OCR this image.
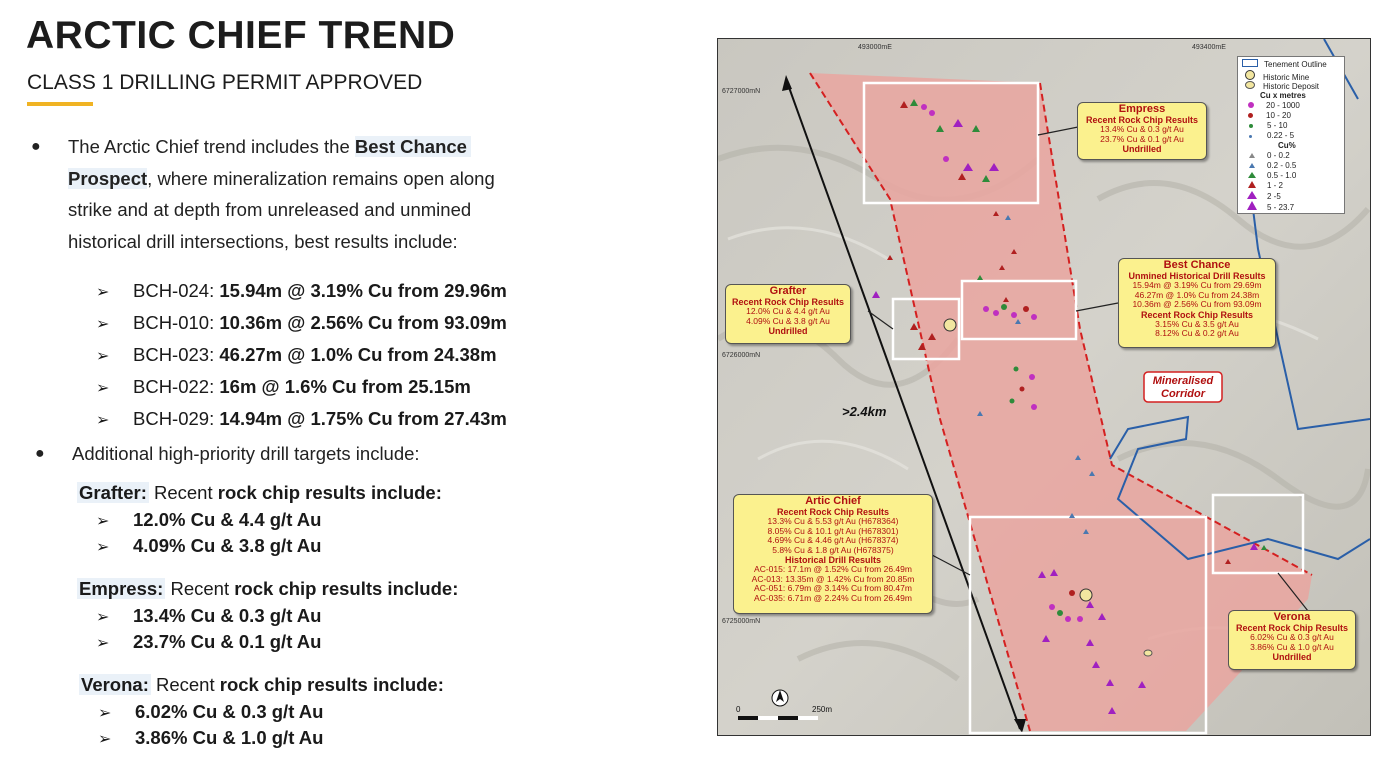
ARCTIC CHIEF TREND
CLASS 1 DRILLING PERMIT APPROVED
● The Arctic Chief trend includes the Best Chance
Prospect, where mineralization remains open along
strike and at depth from unreleased and unmined
historical drill intersections, best results include:
➢ BCH-024: 15.94m @ 3.19% Cu from 29.96m
➢ BCH-010: 10.36m @ 2.56% Cu from 93.09m
➢ BCH-023: 46.27m @ 1.0% Cu from 24.38m
➢ BCH-022: 16m @ 1.6% Cu from 25.15m
➢ BCH-029: 14.94m @ 1.75% Cu from 27.43m
● Additional high-priority drill targets include:
Grafter: Recent rock chip results include:
➢ 12.0% Cu & 4.4 g/t Au
➢ 4.09% Cu & 3.8 g/t Au
Empress: Recent rock chip results include:
➢ 13.4% Cu & 0.3 g/t Au
➢ 23.7% Cu & 0.1 g/t Au
Verona: Recent rock chip results include:
➢ 6.02% Cu & 0.3 g/t Au
➢ 3.86% Cu & 1.0 g/t Au
>2.4km
Mineralised
Corridor
0	250m
493000mE	493400mE
6727000mN
6726000mN
6725000mN
Tenement Outline
Historic Mine
Historic Deposit
Cu x metres
20 - 1000
10 - 20
5 - 10
0.22 - 5
Cu%
0 - 0.2
0.2 - 0.5
0.5 - 1.0
1 - 2
2 -5
5 - 23.7
Empress
Recent Rock Chip Results
13.4% Cu & 0.3 g/t Au
23.7% Cu & 0.1 g/t Au
Undrilled
Grafter
Recent Rock Chip Results
12.0% Cu & 4.4 g/t Au
4.09% Cu & 3.8 g/t Au
Undrilled
Best Chance
Unmined Historical Drill Results
15.94m @ 3.19% Cu from 29.69m
46.27m @ 1.0% Cu from 24.38m
10.36m @ 2.56% Cu from 93.09m
Recent Rock Chip Results
3.15% Cu & 3.5 g/t Au
8.12% Cu & 0.2 g/t Au
Artic Chief
Recent Rock Chip Results
13.3% Cu & 5.53 g/t Au (H678364)
8.05% Cu & 10.1 g/t Au (H678301)
4.69% Cu & 4.46 g/t Au (H678374)
5.8% Cu & 1.8 g/t Au (H678375)
Historical Drill Results
AC-015: 17.1m @ 1.52% Cu from 26.49m
AC-013: 13.35m @ 1.42% Cu from 20.85m
AC-051: 6.79m @ 3.14% Cu from 80.47m
AC-035: 6.71m @ 2.24% Cu from 26.49m
Verona
Recent Rock Chip Results
6.02% Cu & 0.3 g/t Au
3.86% Cu & 1.0 g/t Au
Undrilled
